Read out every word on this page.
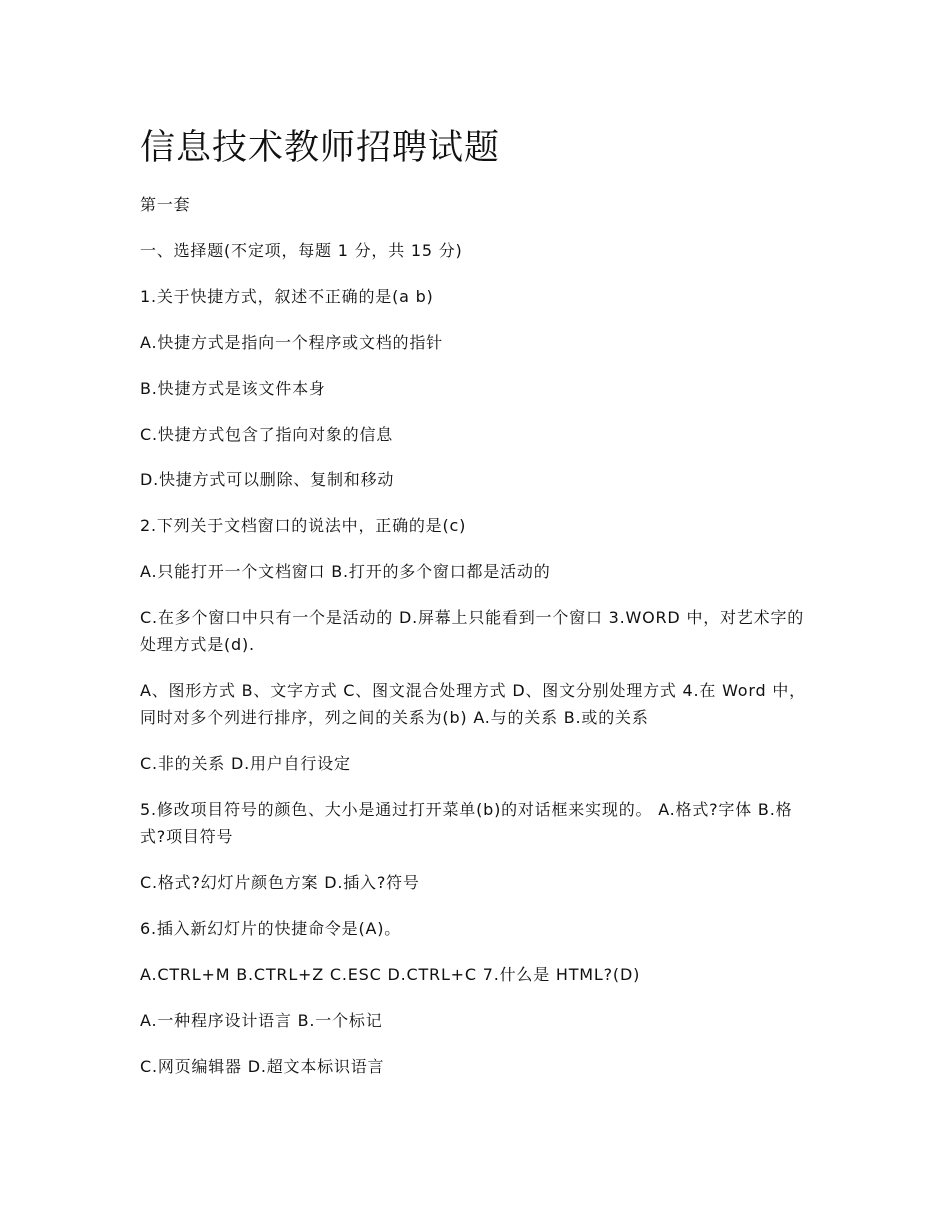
信息技术教师招聘试题

第一套

一、选择题(不定项，每题 1 分，共 15 分)

1.关于快捷方式，叙述不正确的是(a b)

A.快捷方式是指向一个程序或文档的指针

B.快捷方式是该文件本身

C.快捷方式包含了指向对象的信息

D.快捷方式可以删除、复制和移动

2.下列关于文档窗口的说法中，正确的是(c)

A.只能打开一个文档窗口 B.打开的多个窗口都是活动的

C.在多个窗口中只有一个是活动的 D.屏幕上只能看到一个窗口 3.WORD 中，对艺术字的处理方式是(d).

A、图形方式 B、文字方式 C、图文混合处理方式 D、图文分别处理方式 4.在 Word 中，同时对多个列进行排序，列之间的关系为(b) A.与的关系 B.或的关系

C.非的关系 D.用户自行设定

5.修改项目符号的颜色、大小是通过打开菜单(b)的对话框来实现的。 A.格式?字体 B.格式?项目符号

C.格式?幻灯片颜色方案 D.插入?符号

6.插入新幻灯片的快捷命令是(A)。

A.CTRL+M B.CTRL+Z C.ESC D.CTRL+C 7.什么是 HTML?(D)

A.一种程序设计语言 B.一个标记

C.网页编辑器 D.超文本标识语言
